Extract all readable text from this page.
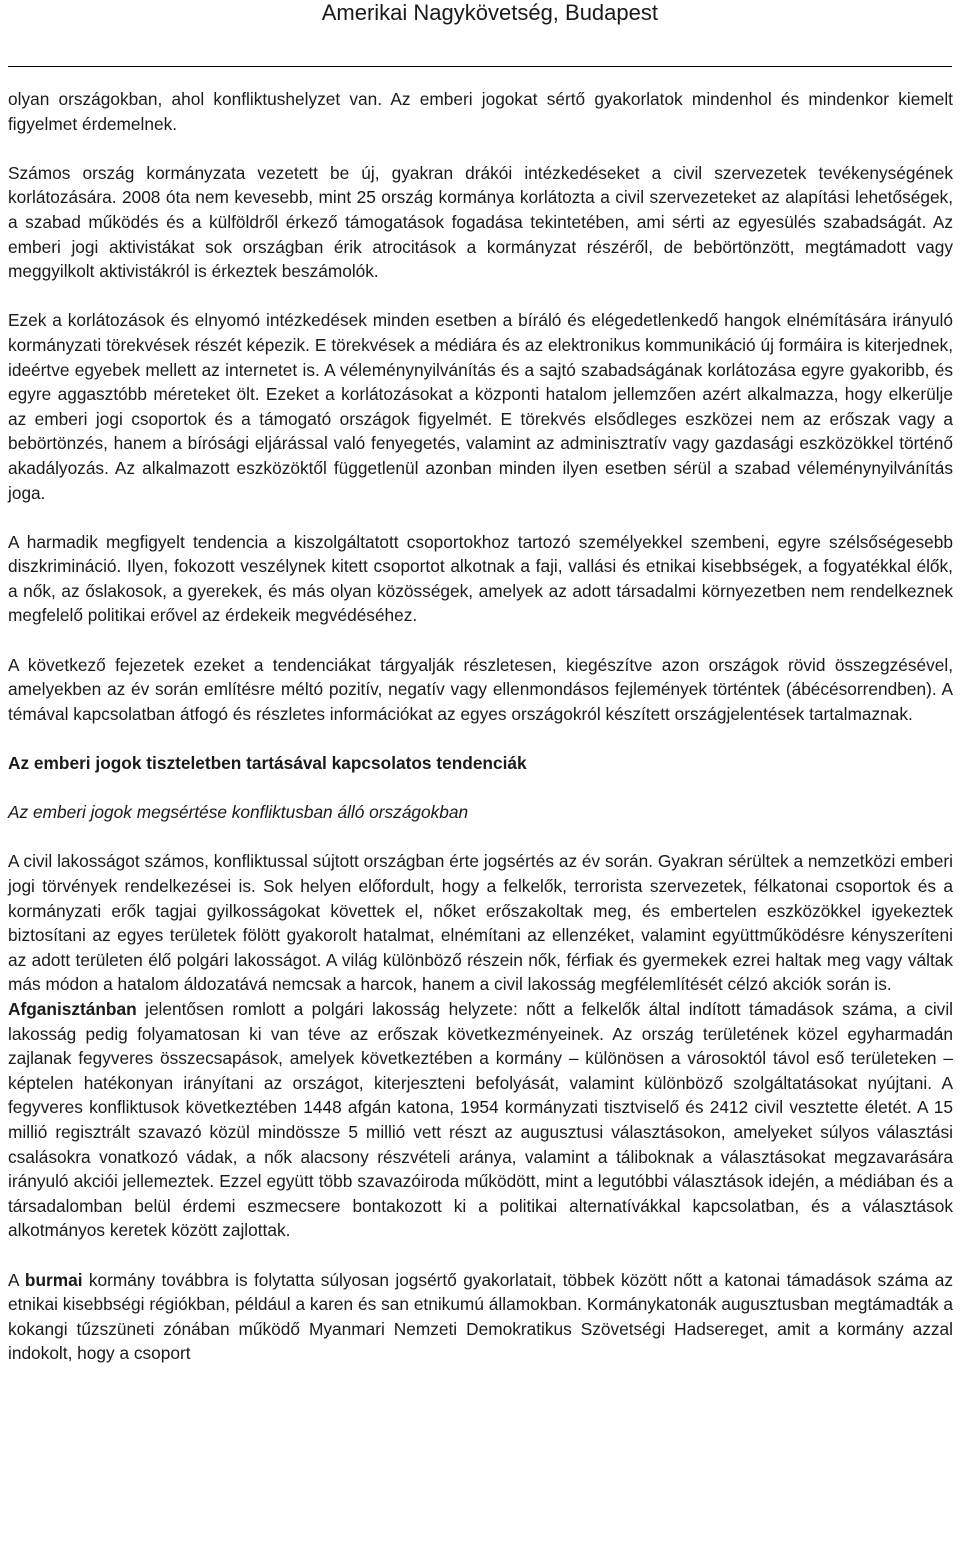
Amerikai Nagykövetség, Budapest

olyan országokban, ahol konfliktushelyzet van. Az emberi jogokat sértő gyakorlatok mindenhol és mindenkor kiemelt figyelmet érdemelnek.

Számos ország kormányzata vezetett be új, gyakran drákói intézkedéseket a civil szervezetek tevékenységének korlátozására. 2008 óta nem kevesebb, mint 25 ország kormánya korlátozta a civil szervezeteket az alapítási lehetőségek, a szabad működés és a külföldről érkező támogatások fogadása tekintetében, ami sérti az egyesülés szabadságát. Az emberi jogi aktivistákat sok országban érik atrocitások a kormányzat részéről, de bebörtönzött, megtámadott vagy meggyilkolt aktivistákról is érkeztek beszámolók.

Ezek a korlátozások és elnyomó intézkedések minden esetben a bíráló és elégedetlenkedő hangok elnémítására irányuló kormányzati törekvések részét képezik. E törekvések a médiára és az elektronikus kommunikáció új formáira is kiterjednek, ideértve egyebek mellett az internetet is. A véleménynyilvánítás és a sajtó szabadságának korlátozása egyre gyakoribb, és egyre aggasztóbb méreteket ölt. Ezeket a korlátozásokat a központi hatalom jellemzően azért alkalmazza, hogy elkerülje az emberi jogi csoportok és a támogató országok figyelmét. E törekvés elsődleges eszközei nem az erőszak vagy a bebörtönzés, hanem a bírósági eljárással való fenyegetés, valamint az adminisztratív vagy gazdasági eszközökkel történő akadályozás. Az alkalmazott eszközöktől függetlenül azonban minden ilyen esetben sérül a szabad véleménynyilvánítás joga.

A harmadik megfigyelt tendencia a kiszolgáltatott csoportokhoz tartozó személyekkel szembeni, egyre szélsőségesebb diszkrimináció. Ilyen, fokozott veszélynek kitett csoportot alkotnak a faji, vallási és etnikai kisebbségek, a fogyatékkal élők, a nők, az őslakosok, a gyerekek, és más olyan közösségek, amelyek az adott társadalmi környezetben nem rendelkeznek megfelelő politikai erővel az érdekeik megvédéséhez.

A következő fejezetek ezeket a tendenciákat tárgyalják részletesen, kiegészítve azon országok rövid összegzésével, amelyekben az év során említésre méltó pozitív, negatív vagy ellenmondásos fejlemények történtek (ábécésorrendben). A témával kapcsolatban átfogó és részletes információkat az egyes országokról készített országjelentések tartalmaznak.

Az emberi jogok tiszteletben tartásával kapcsolatos tendenciák
Az emberi jogok megsértése konfliktusban álló országokban

A civil lakosságot számos, konfliktussal sújtott országban érte jogsértés az év során. Gyakran sérültek a nemzetközi emberi jogi törvények rendelkezései is. Sok helyen előfordult, hogy a felkelők, terrorista szervezetek, félkatonai csoportok és a kormányzati erők tagjai gyilkosságokat követtek el, nőket erőszakoltak meg, és embertelen eszközökkel igyekeztek biztosítani az egyes területek fölött gyakorolt hatalmat, elnémítani az ellenzéket, valamint együttműködésre kényszeríteni az adott területen élő polgári lakosságot. A világ különböző részein nők, férfiak és gyermekek ezrei haltak meg vagy váltak más módon a hatalom áldozatává nemcsak a harcok, hanem a civil lakosság megfélemlítését célzó akciók során is.

Afganisztánban jelentősen romlott a polgári lakosság helyzete: nőtt a felkelők által indított támadások száma, a civil lakosság pedig folyamatosan ki van téve az erőszak következményeinek. Az ország területének közel egyharmadán zajlanak fegyveres összecsapások, amelyek következtében a kormány – különösen a városoktól távol eső területeken – képtelen hatékonyan irányítani az országot, kiterjeszteni befolyását, valamint különböző szolgáltatásokat nyújtani. A fegyveres konfliktusok következtében 1448 afgán katona, 1954 kormányzati tisztviselő és 2412 civil vesztette életét. A 15 millió regisztrált szavazó közül mindössze 5 millió vett részt az augusztusi választásokon, amelyeket súlyos választási csalásokra vonatkozó vádak, a nők alacsony részvételi aránya, valamint a táliboknak a választásokat megzavarására irányuló akciói jellemeztek. Ezzel együtt több szavazóiroda működött, mint a legutóbbi választások idején, a médiában és a társadalomban belül érdemi eszmecsere bontakozott ki a politikai alternatívákkal kapcsolatban, és a választások alkotmányos keretek között zajlottak.

A burmai kormány továbbra is folytatta súlyosan jogsértő gyakorlatait, többek között nőtt a katonai támadások száma az etnikai kisebbségi régiókban, például a karen és san etnikumú államokban. Kormánykatonák augusztusban megtámadták a kokangi tűzszüneti zónában működő Myanmari Nemzeti Demokratikus Szövetségi Hadsereget, amit a kormány azzal indokolt, hogy a csoport
